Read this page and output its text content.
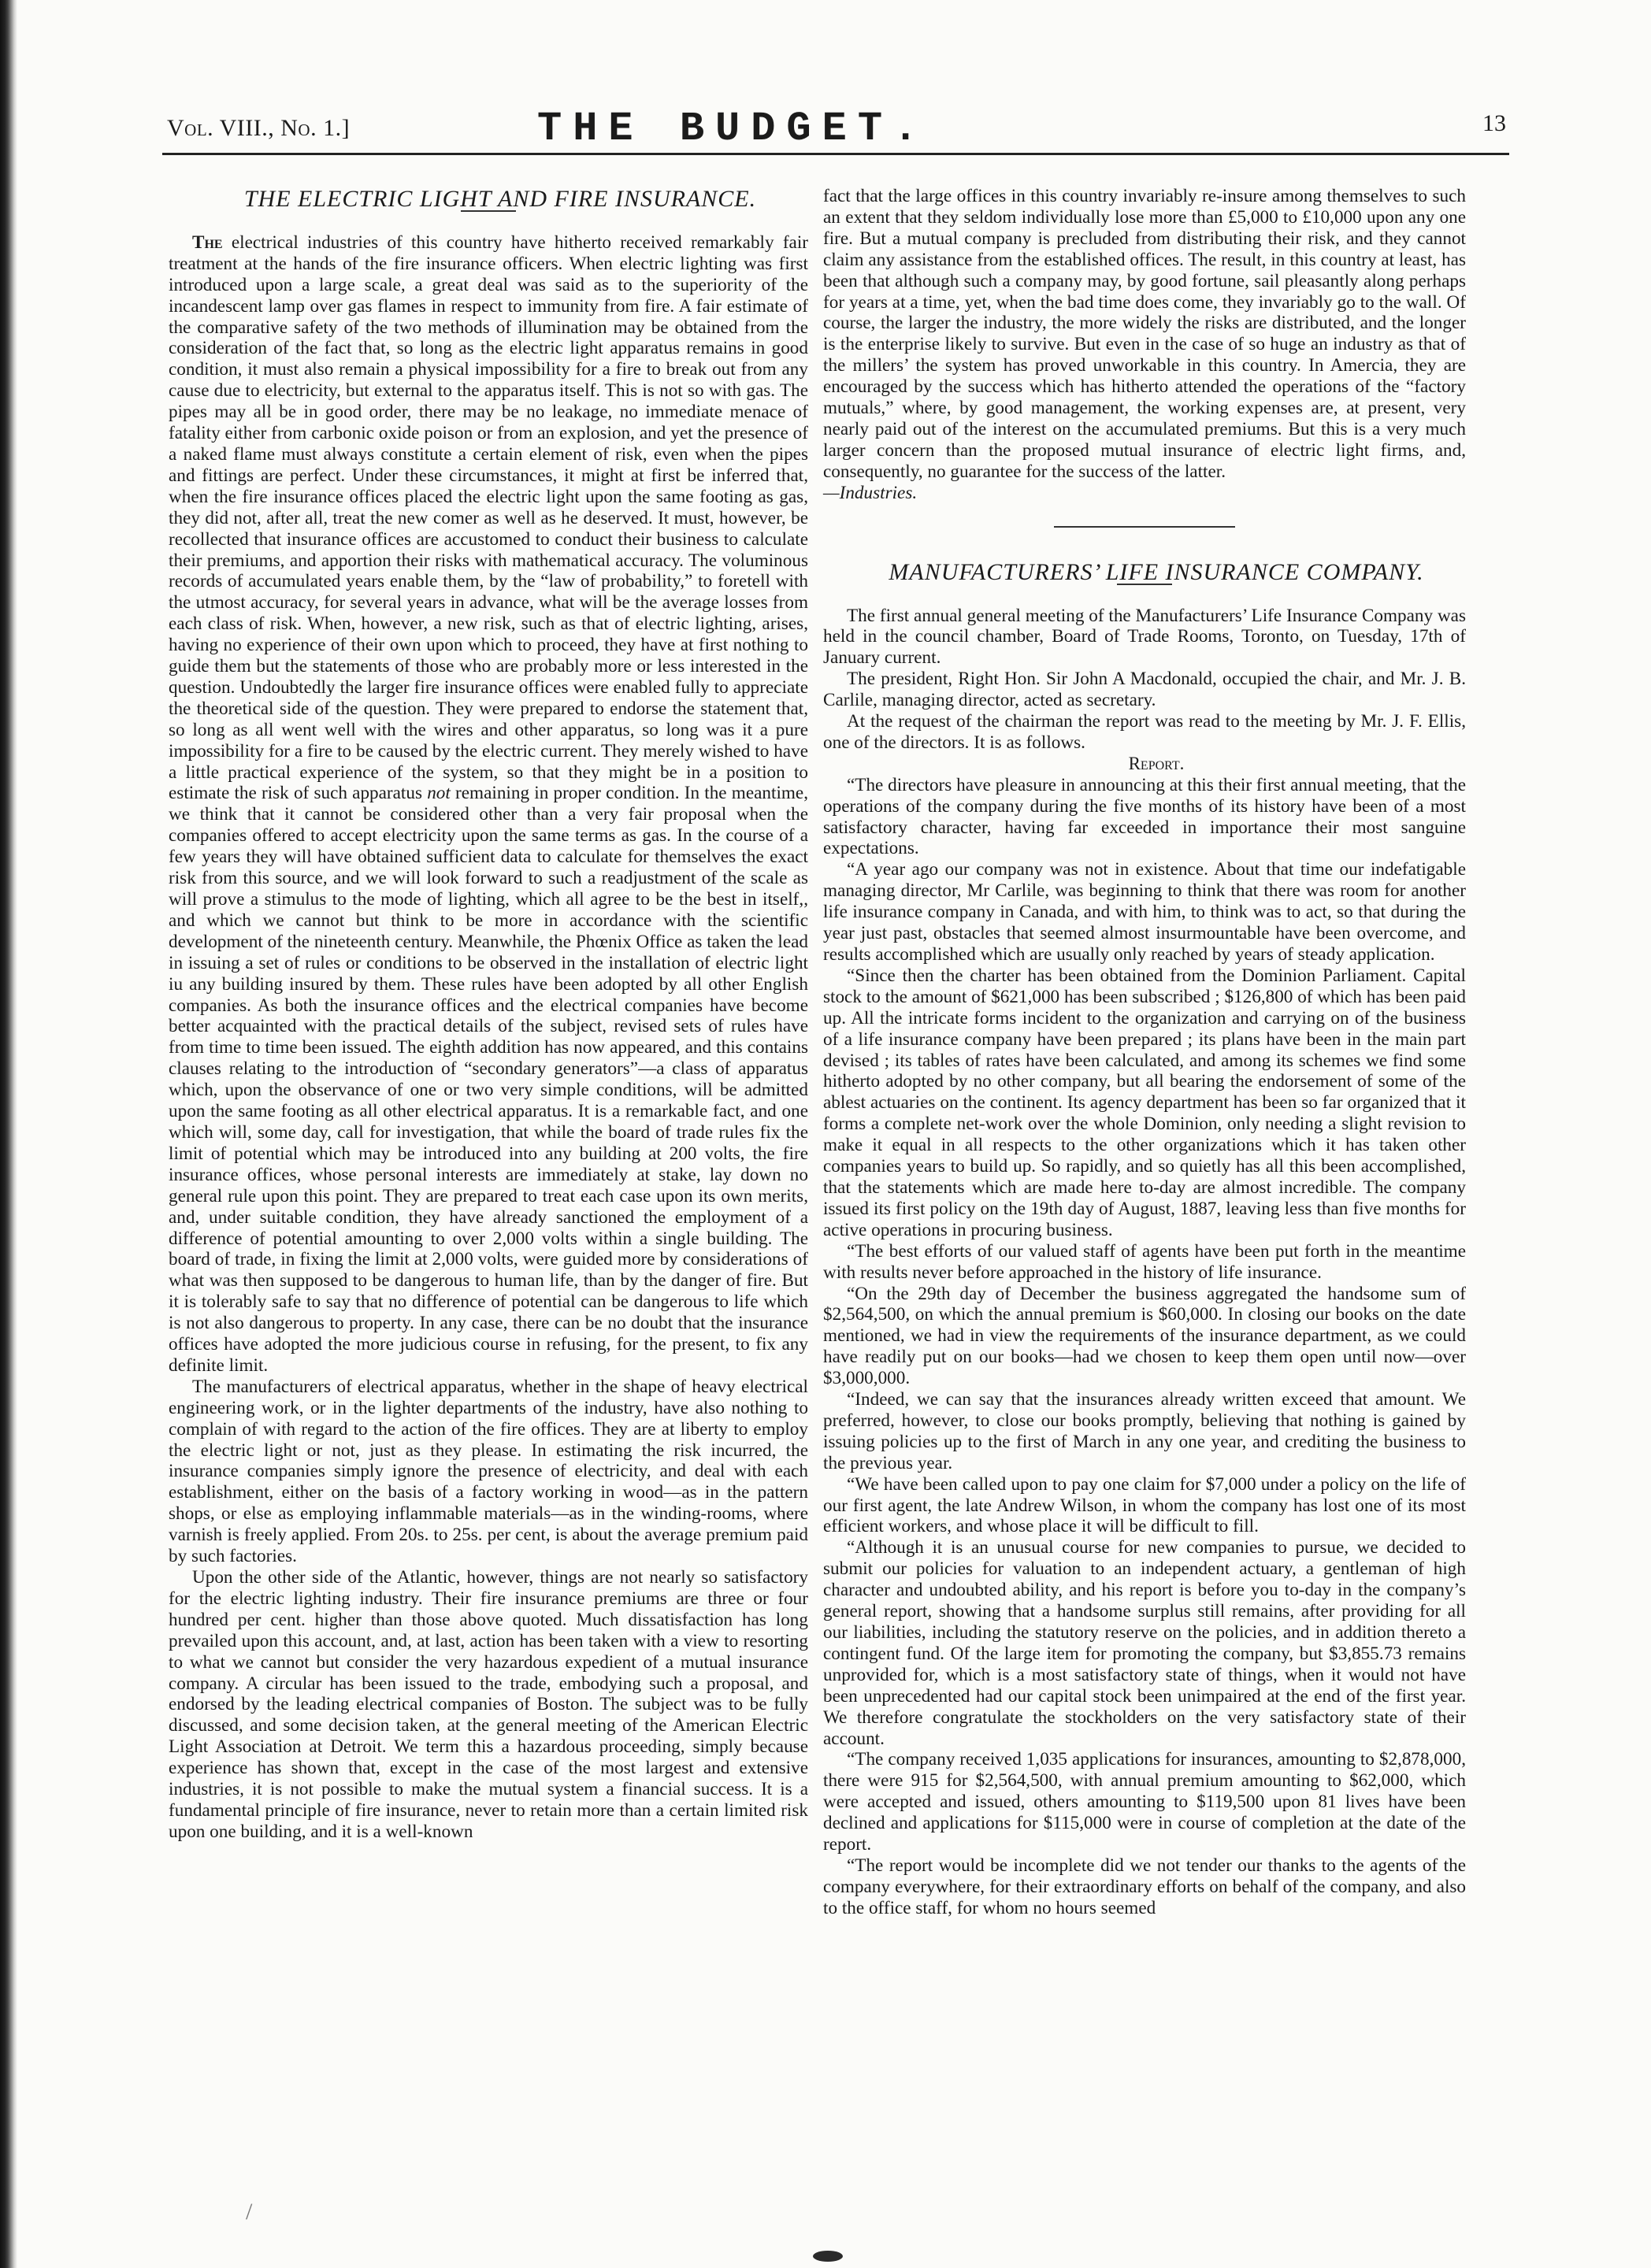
Vol. VIII., No. 1.]	THE BUDGET.	13

THE ELECTRIC LIGHT AND FIRE INSURANCE.

The electrical industries of this country have hitherto received remarkably fair treatment at the hands of the fire insurance officers. When electric lighting was first introduced upon a large scale, a great deal was said as to the superiority of the incandescent lamp over gas flames in respect to immunity from fire. A fair estimate of the comparative safety of the two methods of illumination may be obtained from the consideration of the fact that, so long as the electric light apparatus remains in good condition, it must also remain a physical impossibility for a fire to break out from any cause due to electricity, but external to the apparatus itself. This is not so with gas. The pipes may all be in good order, there may be no leakage, no immediate menace of fatality either from carbonic oxide poison or from an explosion, and yet the presence of a naked flame must always constitute a certain element of risk, even when the pipes and fittings are perfect. Under these circumstances, it might at first be inferred that, when the fire insurance offices placed the electric light upon the same footing as gas, they did not, after all, treat the new comer as well as he deserved. It must, however, be recollected that insurance offices are accustomed to conduct their business to calculate their premiums, and apportion their risks with mathematical accuracy. The voluminous records of accumulated years enable them, by the “law of probability,” to foretell with the utmost accuracy, for several years in advance, what will be the average losses from each class of risk. When, however, a new risk, such as that of electric lighting, arises, having no experience of their own upon which to proceed, they have at first nothing to guide them but the statements of those who are probably more or less interested in the question. Undoubtedly the larger fire insurance offices were enabled fully to appreciate the theoretical side of the question. They were prepared to endorse the statement that, so long as all went well with the wires and other apparatus, so long was it a pure impossibility for a fire to be caused by the electric current. They merely wished to have a little practical experience of the system, so that they might be in a position to estimate the risk of such apparatus not remaining in proper condition. In the meantime, we think that it cannot be considered other than a very fair proposal when the companies offered to accept electricity upon the same terms as gas. In the course of a few years they will have obtained sufficient data to calculate for themselves the exact risk from this source, and we will look forward to such a readjustment of the scale as will prove a stimulus to the mode of lighting, which all agree to be the best in itself,, and which we cannot but think to be more in accordance with the scientific development of the nineteenth century. Meanwhile, the Phœnix Office as taken the lead in issuing a set of rules or conditions to be observed in the installation of electric light iu any building insured by them. These rules have been adopted by all other English companies. As both the insurance offices and the electrical companies have become better acquainted with the practical details of the subject, revised sets of rules have from time to time been issued. The eighth addition has now appeared, and this contains clauses relating to the introduction of “secondary generators”—a class of apparatus which, upon the observance of one or two very simple conditions, will be admitted upon the same footing as all other electrical apparatus. It is a remarkable fact, and one which will, some day, call for investigation, that while the board of trade rules fix the limit of potential which may be introduced into any building at 200 volts, the fire insurance offices, whose personal interests are immediately at stake, lay down no general rule upon this point. They are prepared to treat each case upon its own merits, and, under suitable condition, they have already sanctioned the employment of a difference of potential amounting to over 2,000 volts within a single building. The board of trade, in fixing the limit at 2,000 volts, were guided more by considerations of what was then supposed to be dangerous to human life, than by the danger of fire. But it is tolerably safe to say that no difference of potential can be dangerous to life which is not also dangerous to property. In any case, there can be no doubt that the insurance offices have adopted the more judicious course in refusing, for the present, to fix any definite limit.

The manufacturers of electrical apparatus, whether in the shape of heavy electrical engineering work, or in the lighter departments of the industry, have also nothing to complain of with regard to the action of the fire offices. They are at liberty to employ the electric light or not, just as they please. In estimating the risk incurred, the insurance companies simply ignore the presence of electricity, and deal with each establishment, either on the basis of a factory working in wood—as in the pattern shops, or else as employing inflammable materials—as in the winding-rooms, where varnish is freely applied. From 20s. to 25s. per cent, is about the average premium paid by such factories.

Upon the other side of the Atlantic, however, things are not nearly so satisfactory for the electric lighting industry. Their fire insurance premiums are three or four hundred per cent. higher than those above quoted. Much dissatisfaction has long prevailed upon this account, and, at last, action has been taken with a view to resorting to what we cannot but consider the very hazardous expedient of a mutual insurance company. A circular has been issued to the trade, embodying such a proposal, and endorsed by the leading electrical companies of Boston. The subject was to be fully discussed, and some decision taken, at the general meeting of the American Electric Light Association at Detroit. We term this a hazardous proceeding, simply because experience has shown that, except in the case of the most largest and extensive industries, it is not possible to make the mutual system a financial success. It is a fundamental principle of fire insurance, never to retain more than a certain limited risk upon one building, and it is a well-known

fact that the large offices in this country invariably re-insure among themselves to such an extent that they seldom individually lose more than £5,000 to £10,000 upon any one fire. But a mutual company is precluded from distributing their risk, and they cannot claim any assistance from the established offices. The result, in this country at least, has been that although such a company may, by good fortune, sail pleasantly along perhaps for years at a time, yet, when the bad time does come, they invariably go to the wall. Of course, the larger the industry, the more widely the risks are distributed, and the longer is the enterprise likely to survive. But even in the case of so huge an industry as that of the millers’ the system has proved unworkable in this country. In Amercia, they are encouraged by the success which has hitherto attended the operations of the “factory mutuals,” where, by good management, the working expenses are, at present, very nearly paid out of the interest on the accumulated premiums. But this is a very much larger concern than the proposed mutual insurance of electric light firms, and, consequently, no guarantee for the success of the latter.

—Industries.

MANUFACTURERS’ LIFE INSURANCE COMPANY.

The first annual general meeting of the Manufacturers’ Life Insurance Company was held in the council chamber, Board of Trade Rooms, Toronto, on Tuesday, 17th of January current.

The president, Right Hon. Sir John A Macdonald, occupied the chair, and Mr. J. B. Carlile, managing director, acted as secretary.

At the request of the chairman the report was read to the meeting by Mr. J. F. Ellis, one of the directors. It is as follows.

Report.

“The directors have pleasure in announcing at this their first annual meeting, that the operations of the company during the five months of its history have been of a most satisfactory character, having far exceeded in importance their most sanguine expectations.

“A year ago our company was not in existence. About that time our indefatigable managing director, Mr Carlile, was beginning to think that there was room for another life insurance company in Canada, and with him, to think was to act, so that during the year just past, obstacles that seemed almost insurmountable have been overcome, and results accomplished which are usually only reached by years of steady application.

“Since then the charter has been obtained from the Dominion Parliament. Capital stock to the amount of $621,000 has been subscribed ; $126,800 of which has been paid up. All the intricate forms incident to the organization and carrying on of the business of a life insurance company have been prepared ; its plans have been in the main part devised ; its tables of rates have been calculated, and among its schemes we find some hitherto adopted by no other company, but all bearing the endorsement of some of the ablest actuaries on the continent. Its agency department has been so far organized that it forms a complete net-work over the whole Dominion, only needing a slight revision to make it equal in all respects to the other organizations which it has taken other companies years to build up. So rapidly, and so quietly has all this been accomplished, that the statements which are made here to-day are almost incredible. The company issued its first policy on the 19th day of August, 1887, leaving less than five months for active operations in procuring business.

“The best efforts of our valued staff of agents have been put forth in the meantime with results never before approached in the history of life insurance.

“On the 29th day of December the business aggregated the handsome sum of $2,564,500, on which the annual premium is $60,000. In closing our books on the date mentioned, we had in view the requirements of the insurance department, as we could have readily put on our books—had we chosen to keep them open until now—over $3,000,000.

“Indeed, we can say that the insurances already written exceed that amount. We preferred, however, to close our books promptly, believing that nothing is gained by issuing policies up to the first of March in any one year, and crediting the business to the previous year.

“We have been called upon to pay one claim for $7,000 under a policy on the life of our first agent, the late Andrew Wilson, in whom the company has lost one of its most efficient workers, and whose place it will be difficult to fill.

“Although it is an unusual course for new companies to pursue, we decided to submit our policies for valuation to an independent actuary, a gentleman of high character and undoubted ability, and his report is before you to-day in the company’s general report, showing that a handsome surplus still remains, after providing for all our liabilities, including the statutory reserve on the policies, and in addition thereto a contingent fund. Of the large item for promoting the company, but $3,855.73 remains unprovided for, which is a most satisfactory state of things, when it would not have been unprecedented had our capital stock been unimpaired at the end of the first year. We therefore congratulate the stockholders on the very satisfactory state of their account.

“The company received 1,035 applications for insurances, amounting to $2,878,000, there were 915 for $2,564,500, with annual premium amounting to $62,000, which were accepted and issued, others amounting to $119,500 upon 81 lives have been declined and applications for $115,000 were in course of completion at the date of the report.

“The report would be incomplete did we not tender our thanks to the agents of the company everywhere, for their extraordinary efforts on behalf of the company, and also to the office staff, for whom no hours seemed

/
